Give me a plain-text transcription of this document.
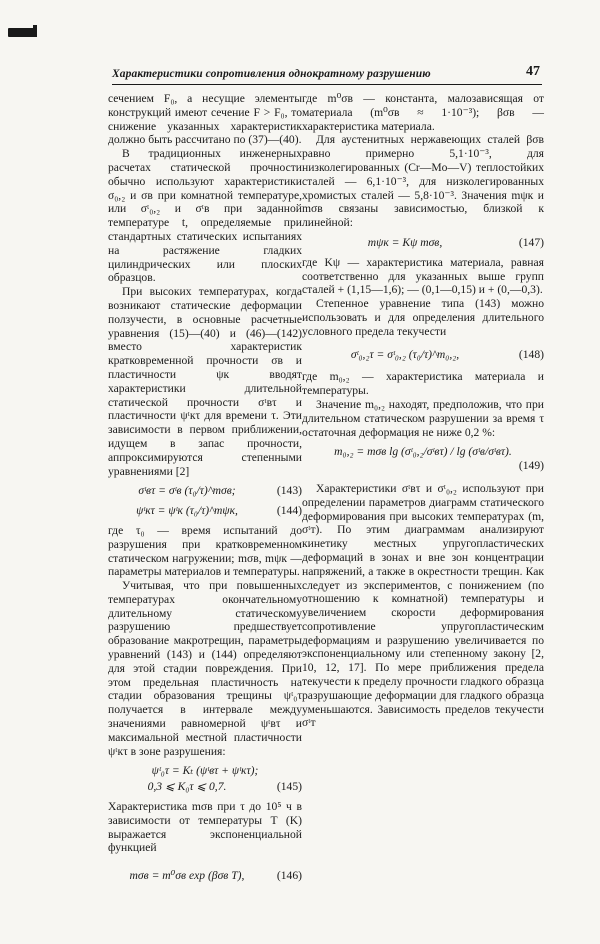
Характеристики сопротивления однократному разрушению	47

сечением F₀, а несущие элементы конструкций имеют сечение F > F₀, то снижение указанных характеристик должно быть рассчитано по (37)—(40).

В традиционных инженерных расчетах статической прочности обычно используют характеристики σ₀,₂ и σв при комнатной температуре, или σᵗ₀,₂ и σᵗв при заданной температуре t, определяемые при стандартных статических испытаниях на растяжение гладких цилиндрических или плоских образцов.

При высоких температурах, когда возникают статические деформации ползучести, в основные расчетные уравнения (15)—(40) и (46)—(142) вместо характеристик кратковременной прочности σв и пластичности ψк вводят характеристики длительной статической прочности σᵗвτ и пластичности ψᵗкτ для времени τ. Эти зависимости в первом приближении, идущем в запас прочности, аппроксимируются степенными уравнениями [2]

σᵗвτ = σᵗв (τ₀/τ)^mσв;	(143)
ψᵗкτ = ψᵗк (τ₀/τ)^mψк,	(144)

где τ₀ — время испытаний до разрушения при кратковременном статическом нагружении; mσв, mψк — параметры материалов и температуры.

Учитывая, что при повышенных температурах окончательному длительному статическому разрушению предшествует образование макротрещин, параметры уравнений (143) и (144) определяют для этой стадии повреждения. При этом предельная пластичность на стадии образования трещины ψᵗ₀τ получается в интервале между значениями равномерной ψᵗвτ и максимальной местной пластичности ψᵗкτ в зоне разрушения:

ψᵗ₀τ = Kₜ (ψᵗвτ + ψᵗкτ);
0,3 ⩽ K₀τ ⩽ 0,7.	(145)

Характеристика mσв при τ до 10⁵ ч в зависимости от температуры T (K) выражается экспоненциальной функцией

mσв = m⁰σв exp (βσв T),	(146)

где m⁰σв — константа, малозависящая от материала (m⁰σв ≈ 1·10⁻³); βσв — характеристика материала.

Для аустенитных нержавеющих сталей βσв равно примерно 5,1·10⁻³, для низколегированных (Cr—Mo—V) теплостойких сталей — 6,1·10⁻³, для низколегированных хромистых сталей — 5,8·10⁻³. Значения mψк и mσв связаны зависимостью, близкой к линейной:

mψк = Kψ mσв,	(147)

где Kψ — характеристика материала, равная соответственно для указанных выше групп сталей + (1,15—1,6); — (0,1—0,15) и + (0,—0,3).

Степенное уравнение типа (143) можно использовать и для определения длительного условного предела текучести

σᵗ₀,₂τ = σᵗ₀,₂ (τ₀/τ)^m₀,₂,	(148)

где m₀,₂ — характеристика материала и температуры.

Значение m₀,₂ находят, предположив, что при длительном статическом разрушении за время τ остаточная деформация не ниже 0,2 %:

m₀,₂ = mσв lg (σᵗ₀,₂/σᵗвτ) / lg (σᵗв/σᵗвτ).
(149)

Характеристики σᵗвτ и σᵗ₀,₂ используют при определении параметров диаграмм статического деформирования при высоких температурах (m, σᵗт). По этим диаграммам анализируют кинетику местных упругопластических деформаций в зонах и вне зон концентрации напряжений, а также в окрестности трещин. Как следует из экспериментов, с понижением (по отношению к комнатной) температуры и увеличением скорости деформирования сопротивление упругопластическим деформациям и разрушению увеличивается по экспоненциальному или степенному закону [2, 10, 12, 17]. По мере приближения предела текучести к пределу прочности гладкого образца разрушающие деформации для гладкого образца уменьшаются. Зависимость пределов текучести σᵗт
